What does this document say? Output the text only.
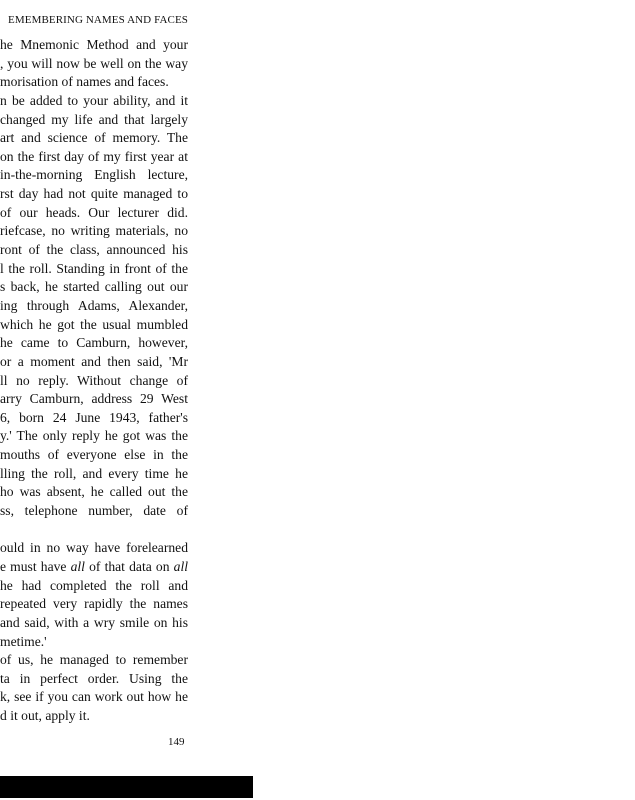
EMEMBERING NAMES AND FACES
he Mnemonic Method and your
, you will now be well on the way
morisation of names and faces.
n be added to your ability, and it
changed my life and that largely
art and science of memory. The
on the first day of my first year at
in-the-morning English lecture,
rst day had not quite managed to
of our heads. Our lecturer did.
riefcase, no writing materials, no
ront of the class, announced his
l the roll. Standing in front of the
s back, he started calling out our
ing through Adams, Alexander,
which he got the usual mumbled
he came to Camburn, however,
or a moment and then said, 'Mr
ll no reply. Without change of
arry Camburn, address 29 West
6, born 24 June 1943, father's
y.' The only reply he got was the
mouths of everyone else in the
lling the roll, and every time he
ho was absent, he called out the
ss, telephone number, date of
ould in no way have forelearned
e must have all of that data on all
he had completed the roll and
repeated very rapidly the names
and said, with a wry smile on his
metime.'
of us, he managed to remember
ta in perfect order. Using the
k, see if you can work out how he
d it out, apply it.
149
